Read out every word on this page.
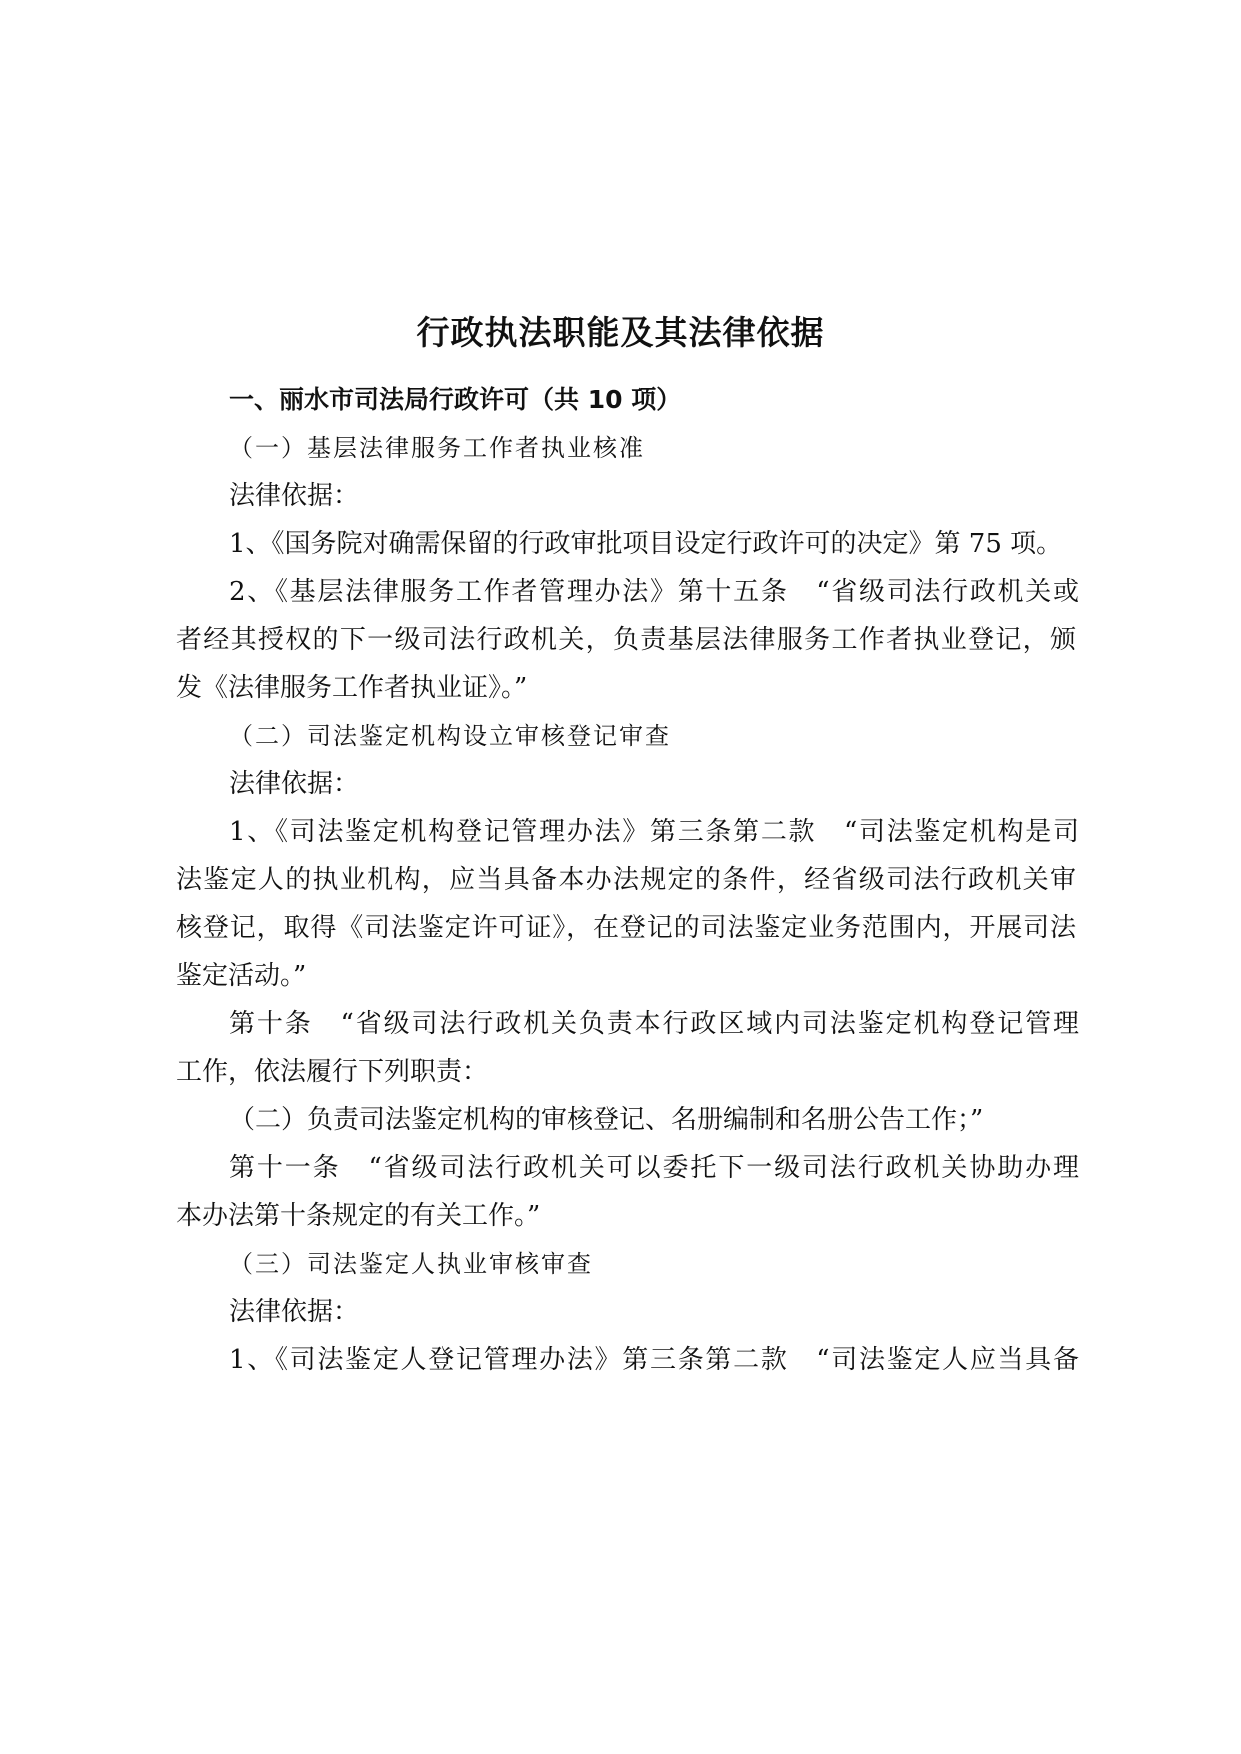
行政执法职能及其法律依据

一、丽水市司法局行政许可（共 10 项）

（一）基层法律服务工作者执业核准

法律依据：

1、《国务院对确需保留的行政审批项目设定行政许可的决定》第 75 项。

2、《基层法律服务工作者管理办法》第十五条　“省级司法行政机关或

者经其授权的下一级司法行政机关，负责基层法律服务工作者执业登记，颁

发《法律服务工作者执业证》。”

（二）司法鉴定机构设立审核登记审查

法律依据：

1、《司法鉴定机构登记管理办法》第三条第二款　“司法鉴定机构是司

法鉴定人的执业机构，应当具备本办法规定的条件，经省级司法行政机关审

核登记，取得《司法鉴定许可证》，在登记的司法鉴定业务范围内，开展司法

鉴定活动。”

第十条　“省级司法行政机关负责本行政区域内司法鉴定机构登记管理

工作，依法履行下列职责：

（二）负责司法鉴定机构的审核登记、名册编制和名册公告工作；”

第十一条　“省级司法行政机关可以委托下一级司法行政机关协助办理

本办法第十条规定的有关工作。”

（三）司法鉴定人执业审核审查

法律依据：

1、《司法鉴定人登记管理办法》第三条第二款　“司法鉴定人应当具备
